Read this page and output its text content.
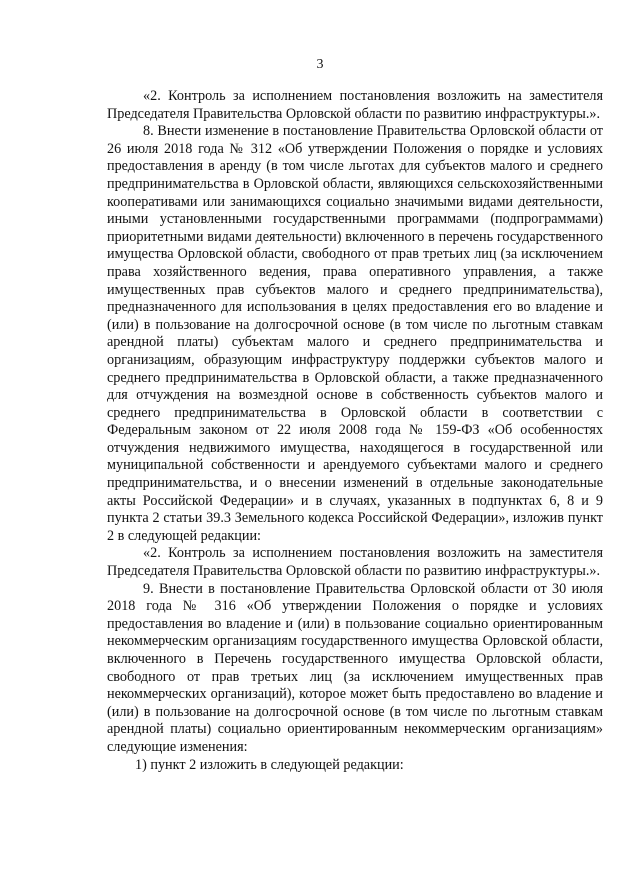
3

«2. Контроль за исполнением постановления возложить на заместителя Председателя Правительства Орловской области по развитию инфраструктуры.».

8. Внести изменение в постановление Правительства Орловской области от 26 июля 2018 года № 312 «Об утверждении Положения о порядке и условиях предоставления в аренду (в том числе льготах для субъектов малого и среднего предпринимательства в Орловской области, являющихся сельскохозяйственными кооперативами или занимающихся социально значимыми видами деятельности, иными установленными государственными программами (подпрограммами) приоритетными видами деятельности) включенного в перечень государственного имущества Орловской области, свободного от прав третьих лиц (за исключением права хозяйственного ведения, права оперативного управления, а также имущественных прав субъектов малого и среднего предпринимательства), предназначенного для использования в целях предоставления его во владение и (или) в пользование на долгосрочной основе (в том числе по льготным ставкам арендной платы) субъектам малого и среднего предпринимательства и организациям, образующим инфраструктуру поддержки субъектов малого и среднего предпринимательства в Орловской области, а также предназначенного для отчуждения на возмездной основе в собственность субъектов малого и среднего предпринимательства в Орловской области в соответствии с Федеральным законом от 22 июля 2008 года № 159-ФЗ «Об особенностях отчуждения недвижимого имущества, находящегося в государственной или муниципальной собственности и арендуемого субъектами малого и среднего предпринимательства, и о внесении изменений в отдельные законодательные акты Российской Федерации» и в случаях, указанных в подпунктах 6, 8 и 9 пункта 2 статьи 39.3 Земельного кодекса Российской Федерации», изложив пункт 2 в следующей редакции:

«2. Контроль за исполнением постановления возложить на заместителя Председателя Правительства Орловской области по развитию инфраструктуры.».

9. Внести в постановление Правительства Орловской области от 30 июля 2018 года № 316 «Об утверждении Положения о порядке и условиях предоставления во владение и (или) в пользование социально ориентированным некоммерческим организациям государственного имущества Орловской области, включенного в Перечень государственного имущества Орловской области, свободного от прав третьих лиц (за исключением имущественных прав некоммерческих организаций), которое может быть предоставлено во владение и (или) в пользование на долгосрочной основе (в том числе по льготным ставкам арендной платы) социально ориентированным некоммерческим организациям» следующие изменения:

1) пункт 2 изложить в следующей редакции:
